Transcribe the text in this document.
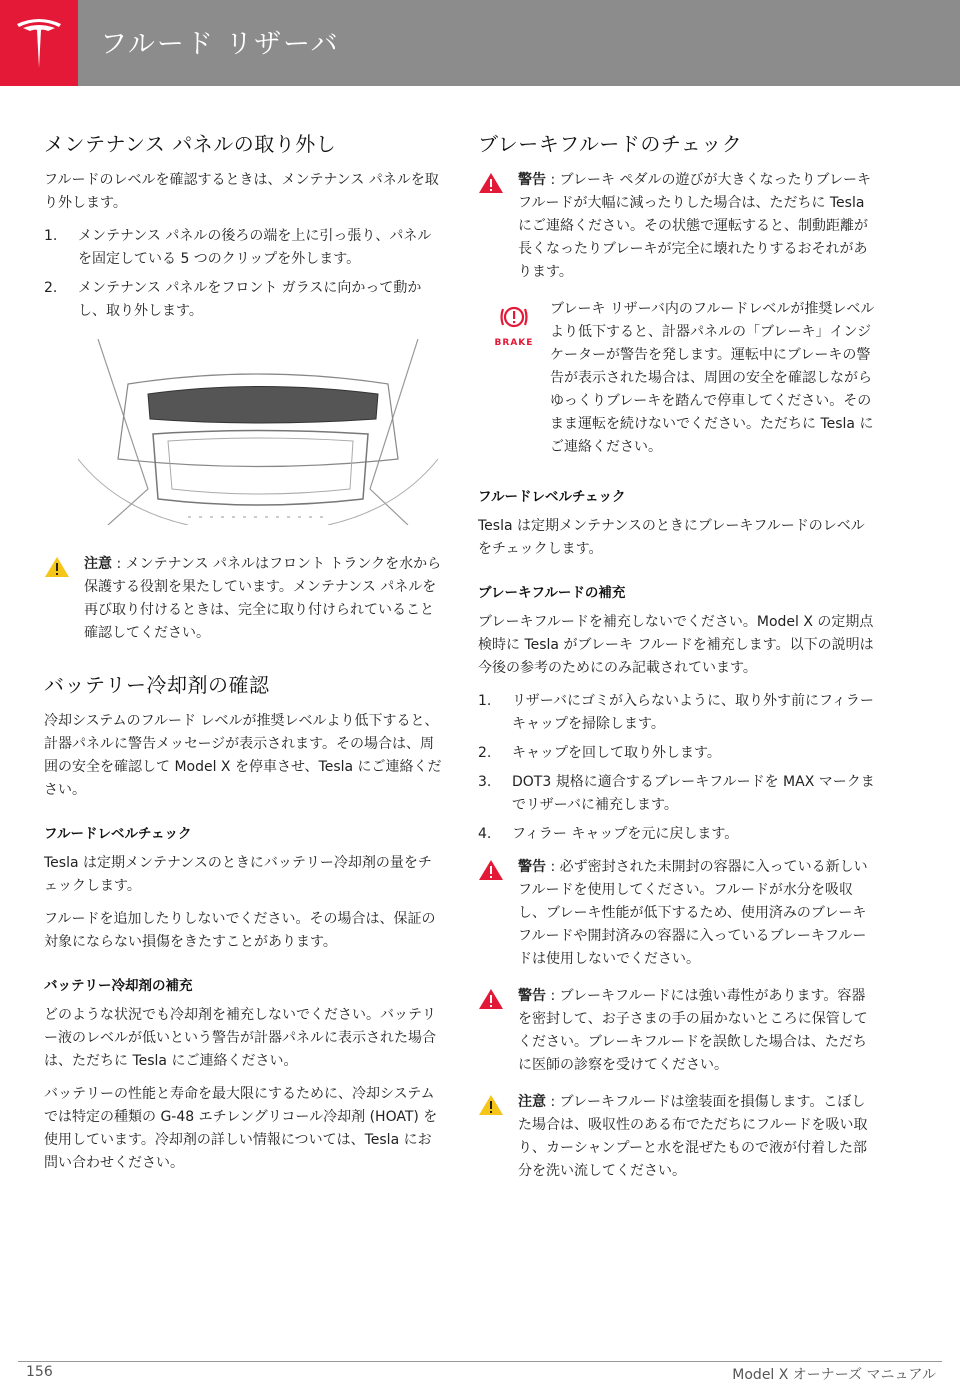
フルード リザーバ
メンテナンス パネルの取り外し

フルードのレベルを確認するときは、メンテナンス パネルを取り外します。

1.	メンテナンス パネルの後ろの端を上に引っ張り、パネルを固定している 5 つのクリップを外します。
2.	メンテナンス パネルをフロント ガラスに向かって動かし、取り外します。
注意 : メンテナンス パネルはフロント トランクを水から保護する役割を果たしています。メンテナンス パネルを再び取り付けるときは、完全に取り付けられていること確認してください。
バッテリー冷却剤の確認

冷却システムのフルード レベルが推奨レベルより低下すると、計器パネルに警告メッセージが表示されます。その場合は、周囲の安全を確認して Model X を停車させ、Tesla にご連絡ください。

フルードレベルチェック

Tesla は定期メンテナンスのときにバッテリー冷却剤の量をチェックします。

フルードを追加したりしないでください。その場合は、保証の対象にならない損傷をきたすことがあります。

バッテリー冷却剤の補充

どのような状況でも冷却剤を補充しないでください。バッテリー液のレベルが低いという警告が計器パネルに表示された場合は、ただちに Tesla にご連絡ください。

バッテリーの性能と寿命を最大限にするために、冷却システムでは特定の種類の G-48 エチレングリコール冷却剤 (HOAT) を使用しています。冷却剤の詳しい情報については、Tesla にお問い合わせください。

ブレーキフルードのチェック
警告 : ブレーキ ペダルの遊びが大きくなったりブレーキフルードが大幅に減ったりした場合は、ただちに Tesla にご連絡ください。その状態で運転すると、制動距離が長くなったりブレーキが完全に壊れたりするおそれがあります。
BRAKE
ブレーキ リザーバ内のフルードレベルが推奨レベルより低下すると、計器パネルの「ブレーキ」インジケーターが警告を発します。運転中にブレーキの警告が表示された場合は、周囲の安全を確認しながらゆっくりブレーキを踏んで停車してください。そのまま運転を続けないでください。ただちに Tesla にご連絡ください。
フルードレベルチェック

Tesla は定期メンテナンスのときにブレーキフルードのレベルをチェックします。

ブレーキフルードの補充

ブレーキフルードを補充しないでください。Model X の定期点検時に Tesla がブレーキ フルードを補充します。以下の説明は今後の参考のためにのみ記載されています。

1.	リザーバにゴミが入らないように、取り外す前にフィラーキャップを掃除します。
2.	キャップを回して取り外します。
3.	DOT3 規格に適合するブレーキフルードを MAX マークまでリザーバに補充します。
4.	フィラー キャップを元に戻します。
警告 : 必ず密封された未開封の容器に入っている新しいフルードを使用してください。フルードが水分を吸収し、ブレーキ性能が低下するため、使用済みのブレーキフルードや開封済みの容器に入っているブレーキフルードは使用しないでください。
警告 : ブレーキフルードには強い毒性があります。容器を密封して、お子さまの手の届かないところに保管してください。ブレーキフルードを誤飲した場合は、ただちに医師の診察を受けてください。
注意 : ブレーキフルードは塗装面を損傷します。こぼした場合は、吸収性のある布でただちにフルードを吸い取り、カーシャンプーと水を混ぜたもので液が付着した部分を洗い流してください。
156	Model X オーナーズ マニュアル
